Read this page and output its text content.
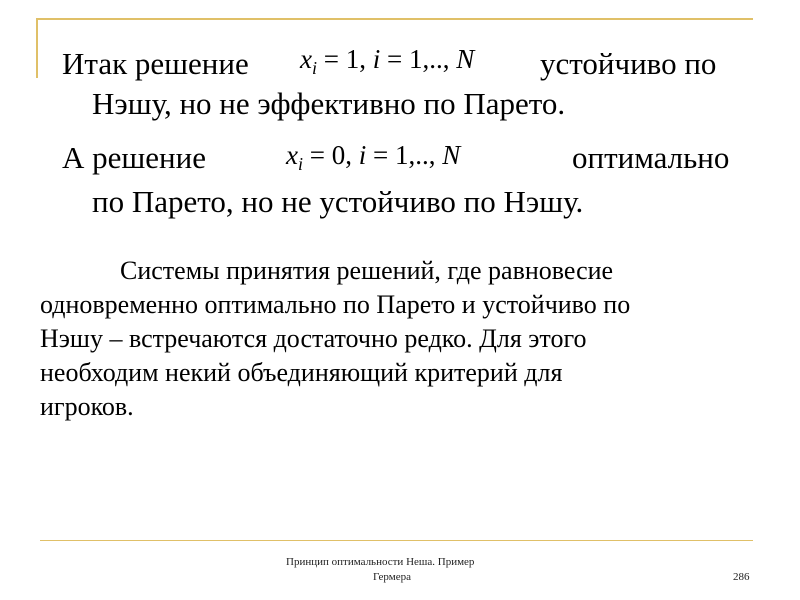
Итак решение $x_i = 1$, i = 1,.., N устойчиво по
Нэшу, но не эффективно по Парето.
А решение	$x_i = 0$, i = 1,.., N	оптимально
по Парето, но не устойчиво по Нэшу.
Системы принятия решений, где равновесие
одновременно оптимально по Парето и устойчиво по
Нэшу – встречаются достаточно редко. Для этого
необходим некий объединяющий критерий для
игроков.
Принцип оптимальности Неша. Пример
Гермера	286
